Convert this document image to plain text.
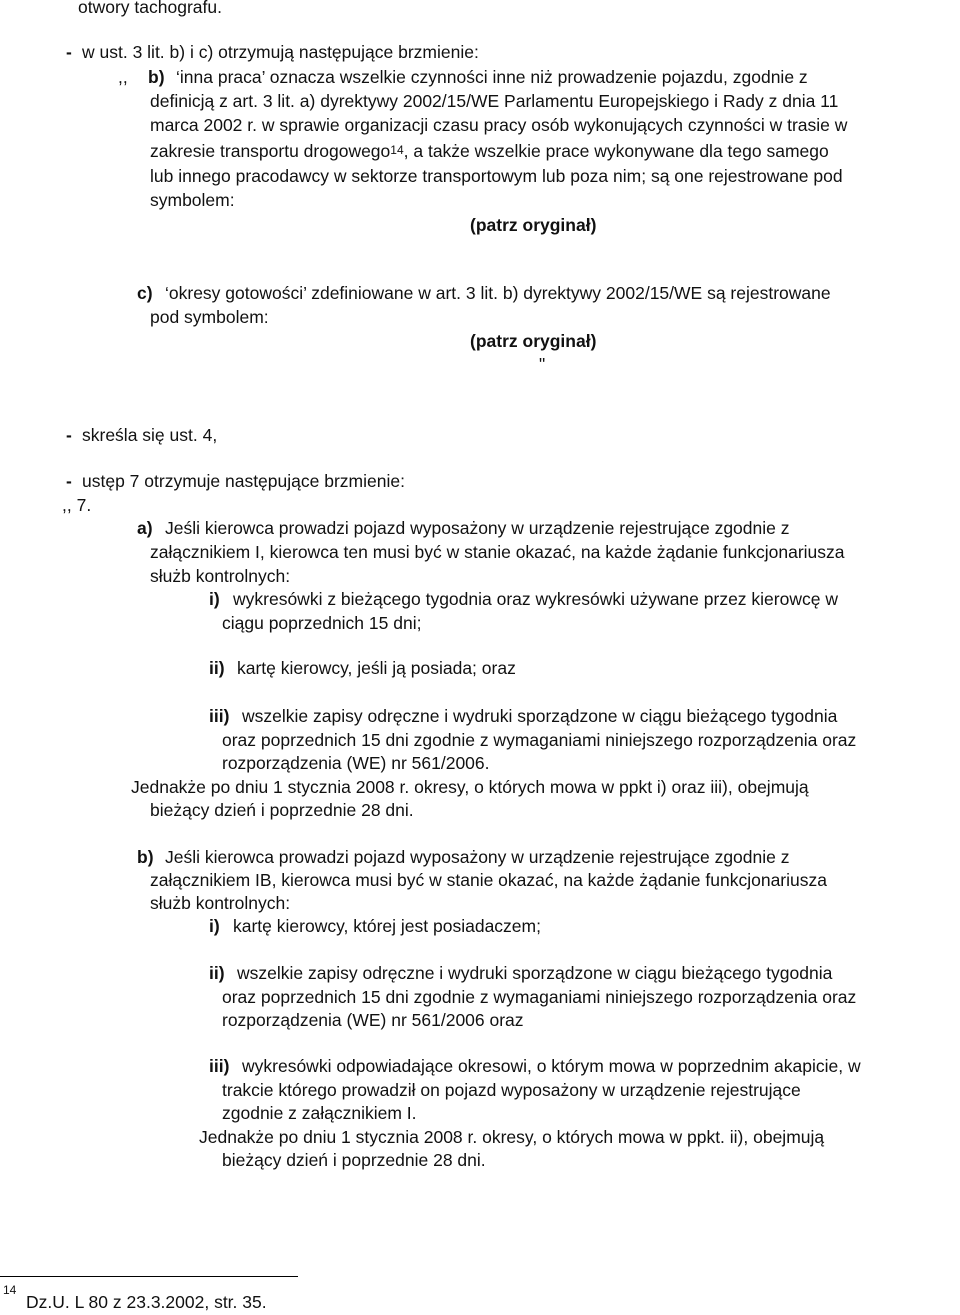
otwory tachografu.
- w ust. 3 lit. b) i c) otrzymują następujące brzmienie:
,, b) ‘inna praca’ oznacza wszelkie czynności inne niż prowadzenie pojazdu, zgodnie z
definicją z art. 3 lit. a) dyrektywy 2002/15/WE Parlamentu Europejskiego i Rady z dnia 11
marca 2002 r. w sprawie organizacji czasu pracy osób wykonujących czynności w trasie w
zakresie transportu drogowego$^{14}$, a także wszelkie prace wykonywane dla tego samego
lub innego pracodawcy w sektorze transportowym lub poza nim; są one rejestrowane pod
symbolem:
(patrz oryginał)
c) ‘okresy gotowości’ zdefiniowane w art. 3 lit. b) dyrektywy 2002/15/WE są rejestrowane
pod symbolem:
(patrz oryginał)
"
- skreśla się ust. 4,
- ustęp 7 otrzymuje następujące brzmienie:
,, 7.
a) Jeśli kierowca prowadzi pojazd wyposażony w urządzenie rejestrujące zgodnie z
załącznikiem I, kierowca ten musi być w stanie okazać, na każde żądanie funkcjonariusza
służb kontrolnych:
i) wykresówki z bieżącego tygodnia oraz wykresówki używane przez kierowcę w
ciągu poprzednich 15 dni;
ii) kartę kierowcy, jeśli ją posiada; oraz
iii) wszelkie zapisy odręczne i wydruki sporządzone w ciągu bieżącego tygodnia
oraz poprzednich 15 dni zgodnie z wymaganiami niniejszego rozporządzenia oraz
rozporządzenia (WE) nr 561/2006.
Jednakże po dniu 1 stycznia 2008 r. okresy, o których mowa w ppkt i) oraz iii), obejmują
bieżący dzień i poprzednie 28 dni.
b) Jeśli kierowca prowadzi pojazd wyposażony w urządzenie rejestrujące zgodnie z
załącznikiem IB, kierowca musi być w stanie okazać, na każde żądanie funkcjonariusza
służb kontrolnych:
i) kartę kierowcy, której jest posiadaczem;
ii) wszelkie zapisy odręczne i wydruki sporządzone w ciągu bieżącego tygodnia
oraz poprzednich 15 dni zgodnie z wymaganiami niniejszego rozporządzenia oraz
rozporządzenia (WE) nr 561/2006 oraz
iii) wykresówki odpowiadające okresowi, o którym mowa w poprzednim akapicie, w
trakcie którego prowadził on pojazd wyposażony w urządzenie rejestrujące
zgodnie z załącznikiem I.
Jednakże po dniu 1 stycznia 2008 r. okresy, o których mowa w ppkt. ii), obejmują
bieżący dzień i poprzednie 28 dni.
14
Dz.U. L 80 z 23.3.2002, str. 35.
